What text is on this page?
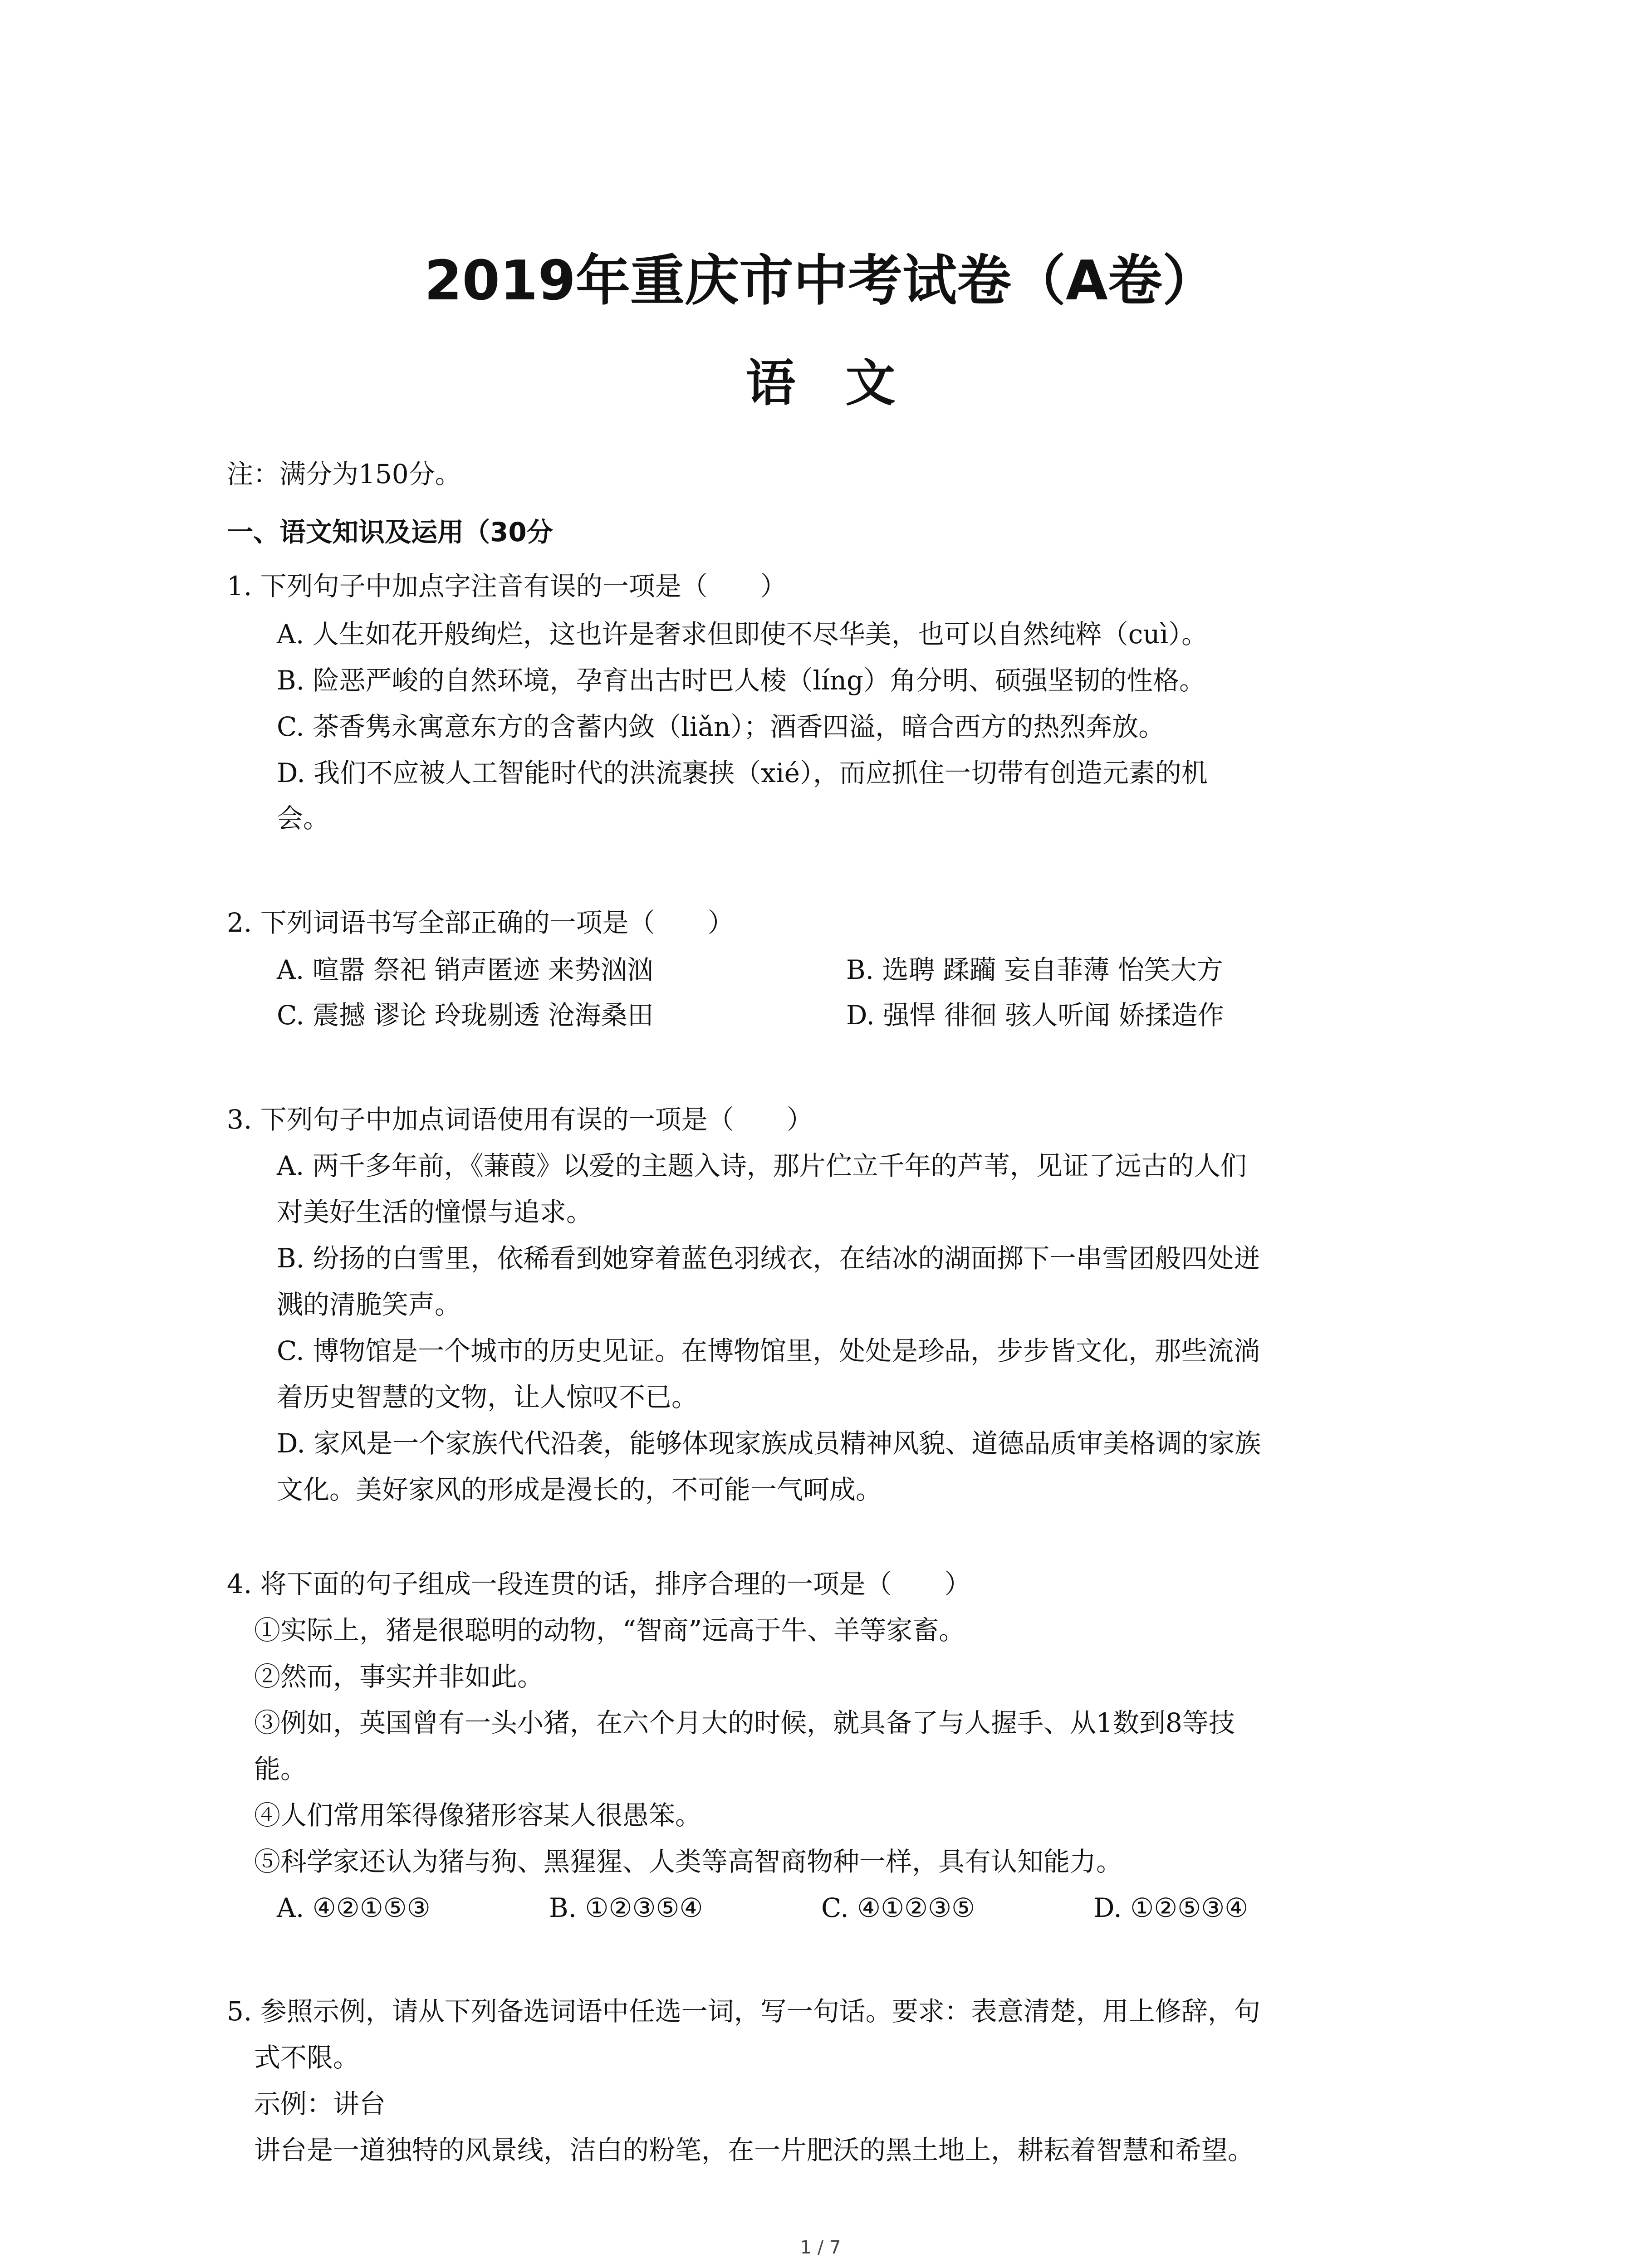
2019年重庆市中考试卷（A卷）
语文
注：满分为150分。
一、语文知识及运用（30分
1. 下列句子中加点字注音有误的一项是（　　）
A. 人生如花开般绚烂，这也许是奢求但即使不尽华美，也可以自然纯粹（cuì）。
B. 险恶严峻的自然环境，孕育出古时巴人棱（líng）角分明、硕强坚韧的性格。
C. 茶香隽永寓意东方的含蓄内敛（liǎn）；酒香四溢，暗合西方的热烈奔放。
D. 我们不应被人工智能时代的洪流裹挟（xié），而应抓住一切带有创造元素的机
会。
2. 下列词语书写全部正确的一项是（　　）
A. 喧嚣 祭祀 销声匿迹 来势汹汹	B. 选聘 蹂躏 妄自菲薄 怡笑大方
C. 震撼 谬论 玲珑剔透 沧海桑田	D. 强悍 徘徊 骇人听闻 娇揉造作
3. 下列句子中加点词语使用有误的一项是（　　）
A. 两千多年前，《蒹葭》以爱的主题入诗，那片伫立千年的芦苇，见证了远古的人们
对美好生活的憧憬与追求。
B. 纷扬的白雪里，依稀看到她穿着蓝色羽绒衣，在结冰的湖面掷下一串雪团般四处迸
溅的清脆笑声。
C. 博物馆是一个城市的历史见证。在博物馆里，处处是珍品，步步皆文化，那些流淌
着历史智慧的文物，让人惊叹不已。
D. 家风是一个家族代代沿袭，能够体现家族成员精神风貌、道德品质审美格调的家族
文化。美好家风的形成是漫长的，不可能一气呵成。
4. 将下面的句子组成一段连贯的话，排序合理的一项是（　　）
①实际上，猪是很聪明的动物，“智商”远高于牛、羊等家畜。
②然而，事实并非如此。
③例如，英国曾有一头小猪，在六个月大的时候，就具备了与人握手、从1数到8等技
能。
④人们常用笨得像猪形容某人很愚笨。
⑤科学家还认为猪与狗、黑猩猩、人类等高智商物种一样，具有认知能力。
A. ④②①⑤③	B. ①②③⑤④	C. ④①②③⑤	D. ①②⑤③④
5. 参照示例，请从下列备选词语中任选一词，写一句话。要求：表意清楚，用上修辞，句
式不限。
示例：讲台
讲台是一道独特的风景线，洁白的粉笔，在一片肥沃的黑土地上，耕耘着智慧和希望。
1 / 7
